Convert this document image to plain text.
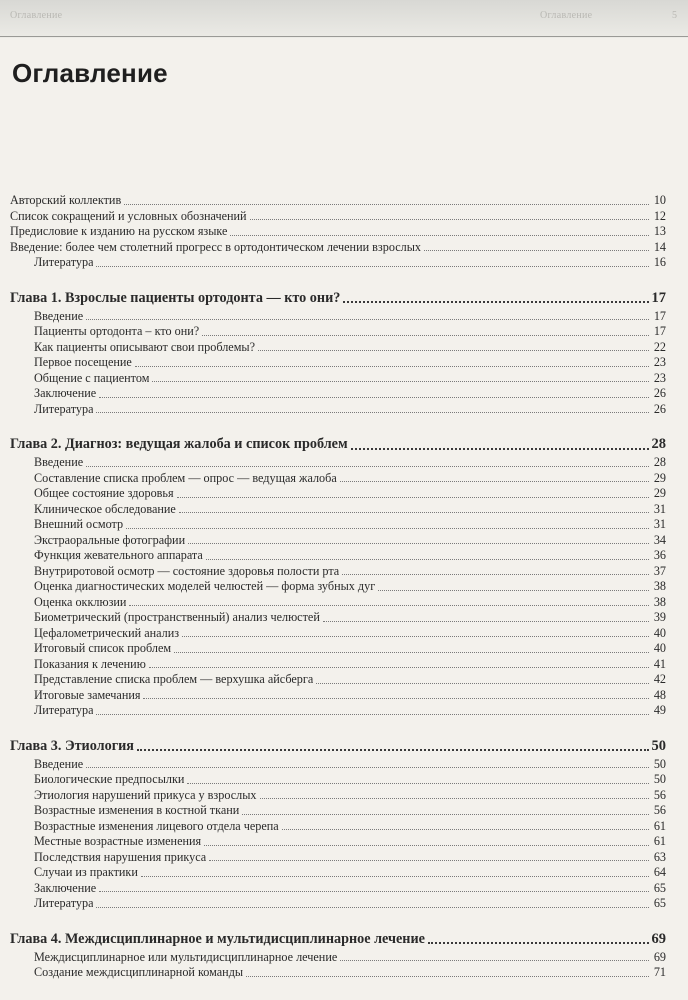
Оглавление	Оглавление	5
Оглавление
Авторский коллектив	10
Список сокращений и условных обозначений	12
Предисловие к изданию на русском языке	13
Введение: более чем столетний прогресс в ортодонтическом лечении взрослых	14
Литература	16
Глава 1. Взрослые пациенты ортодонта — кто они?	17
Введение	17
Пациенты ортодонта – кто они?	17
Как пациенты описывают свои проблемы?	22
Первое посещение	23
Общение с пациентом	23
Заключение	26
Литература	26
Глава 2. Диагноз: ведущая жалоба и список проблем	28
Введение	28
Составление списка проблем — опрос — ведущая жалоба	29
Общее состояние здоровья	29
Клиническое обследование	31
Внешний осмотр	31
Экстраоральные фотографии	34
Функция жевательного аппарата	36
Внутриротовой осмотр — состояние здоровья полости рта	37
Оценка диагностических моделей челюстей — форма зубных дуг	38
Оценка окклюзии	38
Биометрический (пространственный) анализ челюстей	39
Цефалометрический анализ	40
Итоговый список проблем	40
Показания к лечению	41
Представление списка проблем — верхушка айсберга	42
Итоговые замечания	48
Литература	49
Глава 3. Этиология	50
Введение	50
Биологические предпосылки	50
Этиология нарушений прикуса у взрослых	56
Возрастные изменения в костной ткани	56
Возрастные изменения лицевого отдела черепа	61
Местные возрастные изменения	61
Последствия нарушения прикуса	63
Случаи из практики	64
Заключение	65
Литература	65
Глава 4. Междисциплинарное и мультидисциплинарное лечение	69
Междисциплинарное или мультидисциплинарное лечение	69
Создание междисциплинарной команды	71
